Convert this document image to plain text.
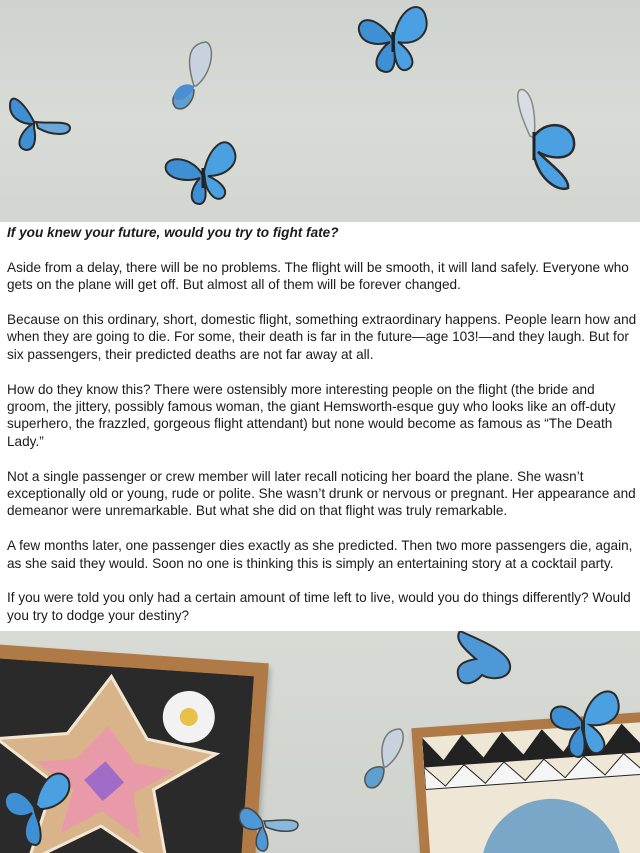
If you knew your future, would you try to fight fate?

Aside from a delay, there will be no problems. The flight will be smooth, it will land safely. Everyone who gets on the plane will get off. But almost all of them will be forever changed.

Because on this ordinary, short, domestic flight, something extraordinary happens. People learn how and when they are going to die. For some, their death is far in the future—age 103!—and they laugh. But for six passengers, their predicted deaths are not far away at all.

How do they know this? There were ostensibly more interesting people on the flight (the bride and groom, the jittery, possibly famous woman, the giant Hemsworth-esque guy who looks like an off-duty superhero, the frazzled, gorgeous flight attendant) but none would become as famous as “The Death Lady.”

Not a single passenger or crew member will later recall noticing her board the plane. She wasn’t exceptionally old or young, rude or polite. She wasn’t drunk or nervous or pregnant. Her appearance and demeanor were unremarkable. But what she did on that flight was truly remarkable.

A few months later, one passenger dies exactly as she predicted. Then two more passengers die, again, as she said they would. Soon no one is thinking this is simply an entertaining story at a cocktail party.

If you were told you only had a certain amount of time left to live, would you do things differently? Would you try to dodge your destiny?
